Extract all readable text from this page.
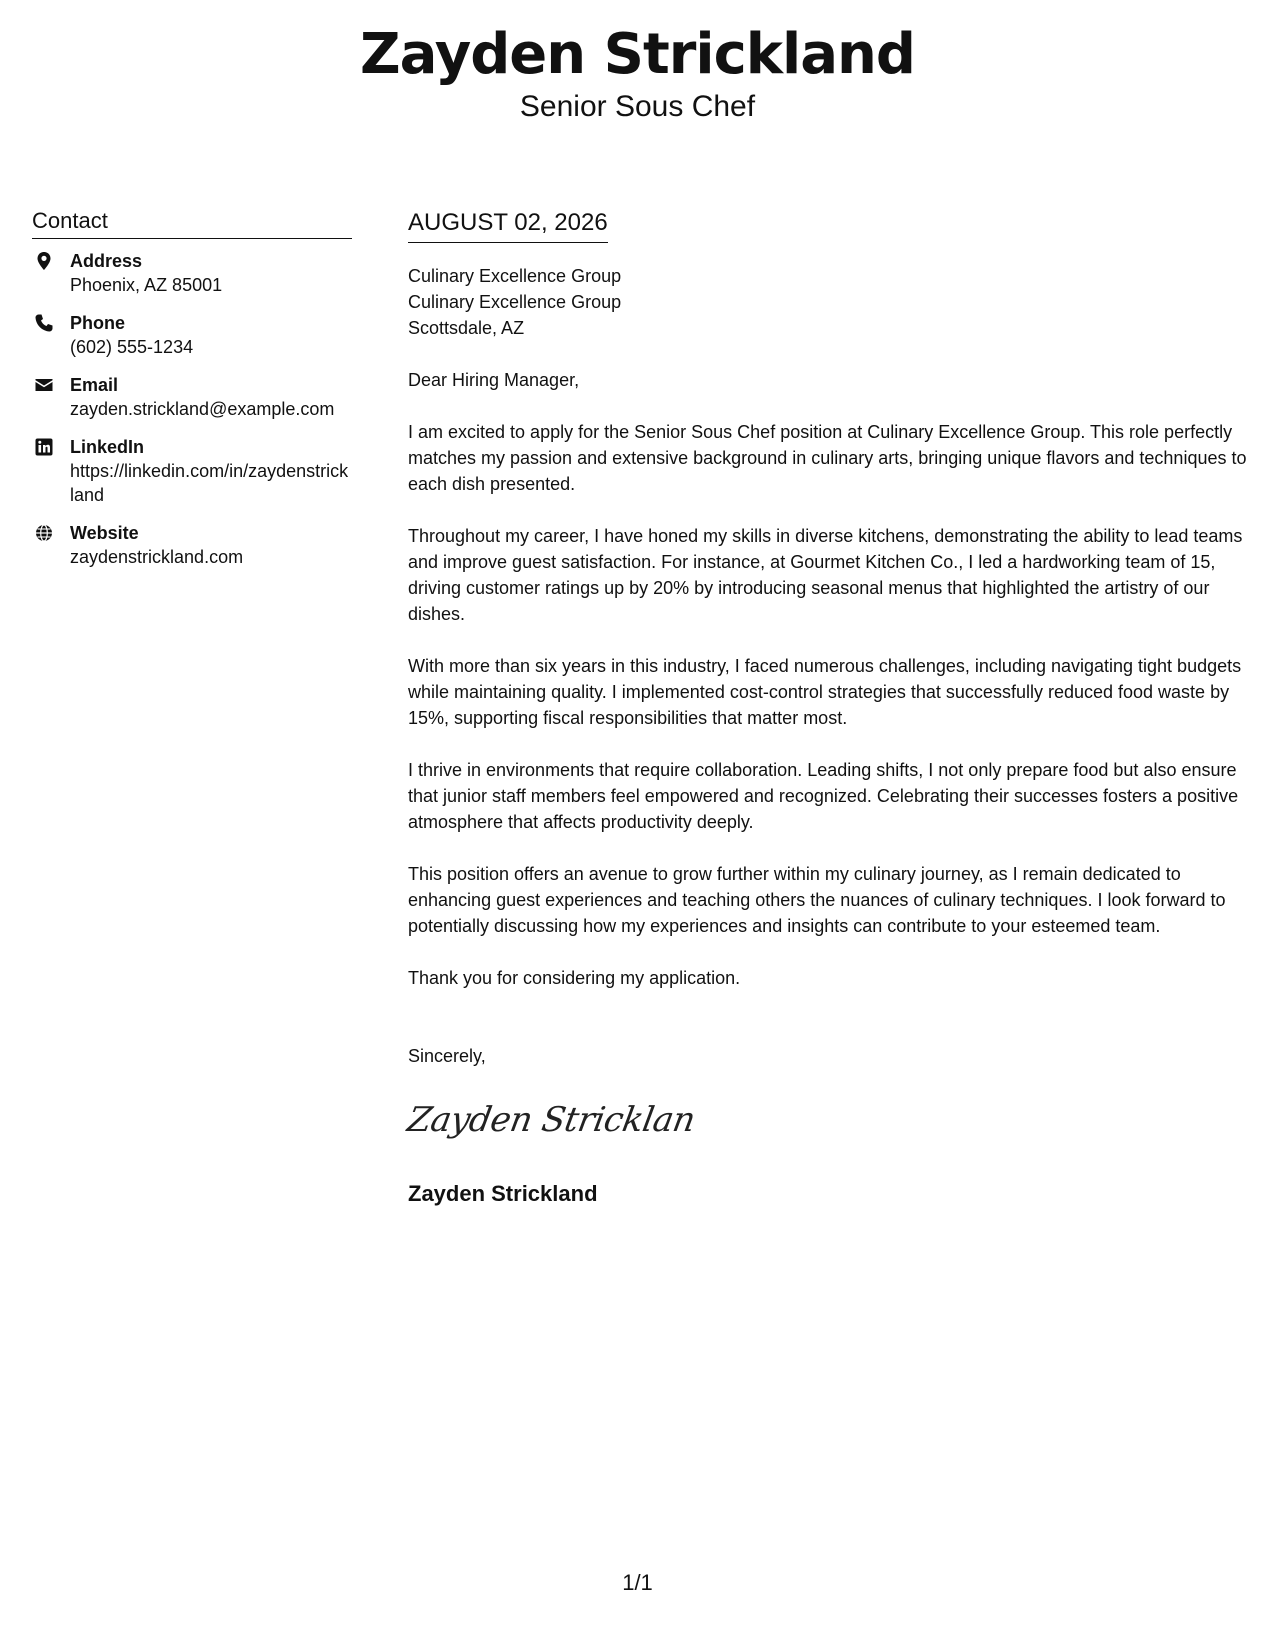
Zayden Strickland
Senior Sous Chef
Contact
Address
Phoenix, AZ 85001
Phone
(602) 555-1234
Email
zayden.strickland@example.com
LinkedIn
https://linkedin.com/in/zaydenstrickland
Website
zaydenstrickland.com
AUGUST 02, 2026
Culinary Excellence Group
Culinary Excellence Group
Scottsdale, AZ
Dear Hiring Manager,
I am excited to apply for the Senior Sous Chef position at Culinary Excellence Group. This role perfectly matches my passion and extensive background in culinary arts, bringing unique flavors and techniques to each dish presented.
Throughout my career, I have honed my skills in diverse kitchens, demonstrating the ability to lead teams and improve guest satisfaction. For instance, at Gourmet Kitchen Co., I led a hardworking team of 15, driving customer ratings up by 20% by introducing seasonal menus that highlighted the artistry of our dishes.
With more than six years in this industry, I faced numerous challenges, including navigating tight budgets while maintaining quality. I implemented cost-control strategies that successfully reduced food waste by 15%, supporting fiscal responsibilities that matter most.
I thrive in environments that require collaboration. Leading shifts, I not only prepare food but also ensure that junior staff members feel empowered and recognized. Celebrating their successes fosters a positive atmosphere that affects productivity deeply.
This position offers an avenue to grow further within my culinary journey, as I remain dedicated to enhancing guest experiences and teaching others the nuances of culinary techniques. I look forward to potentially discussing how my experiences and insights can contribute to your esteemed team.
Thank you for considering my application.
Sincerely,
Zayden Stricklan
Zayden Strickland
1/1
